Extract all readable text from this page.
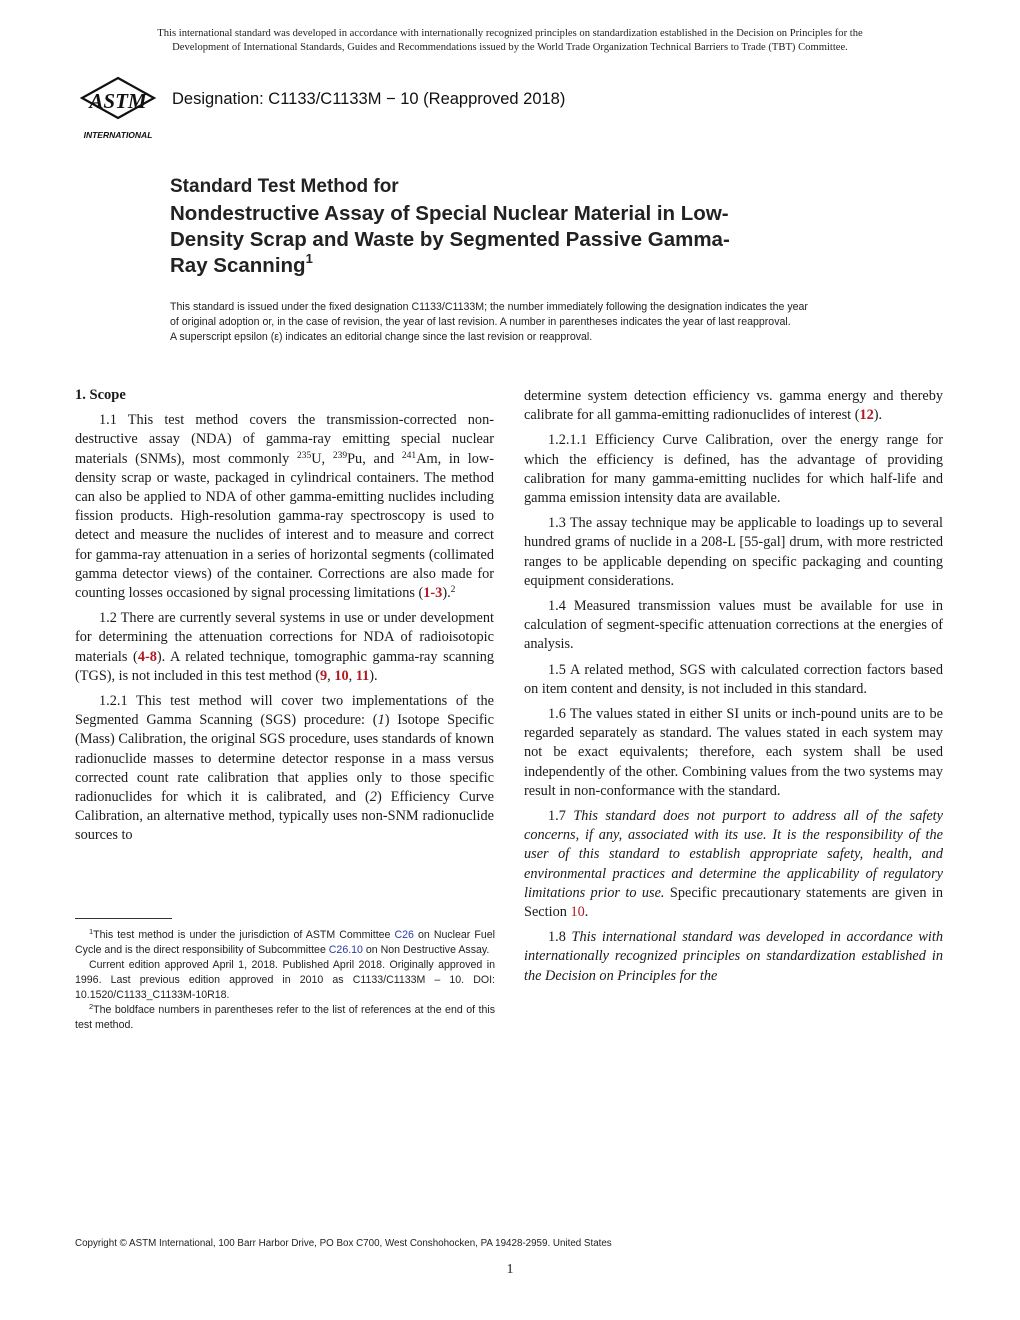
This international standard was developed in accordance with internationally recognized principles on standardization established in the Decision on Principles for the
Development of International Standards, Guides and Recommendations issued by the World Trade Organization Technical Barriers to Trade (TBT) Committee.
ASTM
INTERNATIONAL
Designation: C1133/C1133M − 10 (Reapproved 2018)
Standard Test Method for
Nondestructive Assay of Special Nuclear Material in Low-
Density Scrap and Waste by Segmented Passive Gamma-
Ray Scanning$^1$
This standard is issued under the fixed designation C1133/C1133M; the number immediately following the designation indicates the year
of original adoption or, in the case of revision, the year of last revision. A number in parentheses indicates the year of last reapproval.
A superscript epsilon (ε) indicates an editorial change since the last revision or reapproval.
1. Scope

1.1 This test method covers the transmission-corrected non-destructive assay (NDA) of gamma-ray emitting special nuclear materials (SNMs), most commonly $^{235}$U, $^{239}$Pu, and $^{241}$Am, in low-density scrap or waste, packaged in cylindrical containers. The method can also be applied to NDA of other gamma-emitting nuclides including fission products. High-resolution gamma-ray spectroscopy is used to detect and measure the nuclides of interest and to measure and correct for gamma-ray attenuation in a series of horizontal segments (collimated gamma detector views) of the container. Corrections are also made for counting losses occasioned by signal processing limitations (1-3).$^2$

1.2 There are currently several systems in use or under development for determining the attenuation corrections for NDA of radioisotopic materials (4-8). A related technique, tomographic gamma-ray scanning (TGS), is not included in this test method (9, 10, 11).

1.2.1 This test method will cover two implementations of the Segmented Gamma Scanning (SGS) procedure: (1) Isotope Specific (Mass) Calibration, the original SGS procedure, uses standards of known radionuclide masses to determine detector response in a mass versus corrected count rate calibration that applies only to those specific radionuclides for which it is calibrated, and (2) Efficiency Curve Calibration, an alternative method, typically uses non-SNM radionuclide sources to

$^1$This test method is under the jurisdiction of ASTM Committee C26 on Nuclear Fuel Cycle and is the direct responsibility of Subcommittee C26.10 on Non Destructive Assay.

Current edition approved April 1, 2018. Published April 2018. Originally approved in 1996. Last previous edition approved in 2010 as C1133/C1133M – 10. DOI: 10.1520/C1133_C1133M-10R18.

$^2$The boldface numbers in parentheses refer to the list of references at the end of this test method.

determine system detection efficiency vs. gamma energy and thereby calibrate for all gamma-emitting radionuclides of interest (12).

1.2.1.1 Efficiency Curve Calibration, over the energy range for which the efficiency is defined, has the advantage of providing calibration for many gamma-emitting nuclides for which half-life and gamma emission intensity data are available.

1.3 The assay technique may be applicable to loadings up to several hundred grams of nuclide in a 208-L [55-gal] drum, with more restricted ranges to be applicable depending on specific packaging and counting equipment considerations.

1.4 Measured transmission values must be available for use in calculation of segment-specific attenuation corrections at the energies of analysis.

1.5 A related method, SGS with calculated correction factors based on item content and density, is not included in this standard.

1.6 The values stated in either SI units or inch-pound units are to be regarded separately as standard. The values stated in each system may not be exact equivalents; therefore, each system shall be used independently of the other. Combining values from the two systems may result in non-conformance with the standard.

1.7 This standard does not purport to address all of the safety concerns, if any, associated with its use. It is the responsibility of the user of this standard to establish appropriate safety, health, and environmental practices and determine the applicability of regulatory limitations prior to use. Specific precautionary statements are given in Section 10.

1.8 This international standard was developed in accordance with internationally recognized principles on standardization established in the Decision on Principles for the

Copyright © ASTM International, 100 Barr Harbor Drive, PO Box C700, West Conshohocken, PA 19428-2959. United States
1
